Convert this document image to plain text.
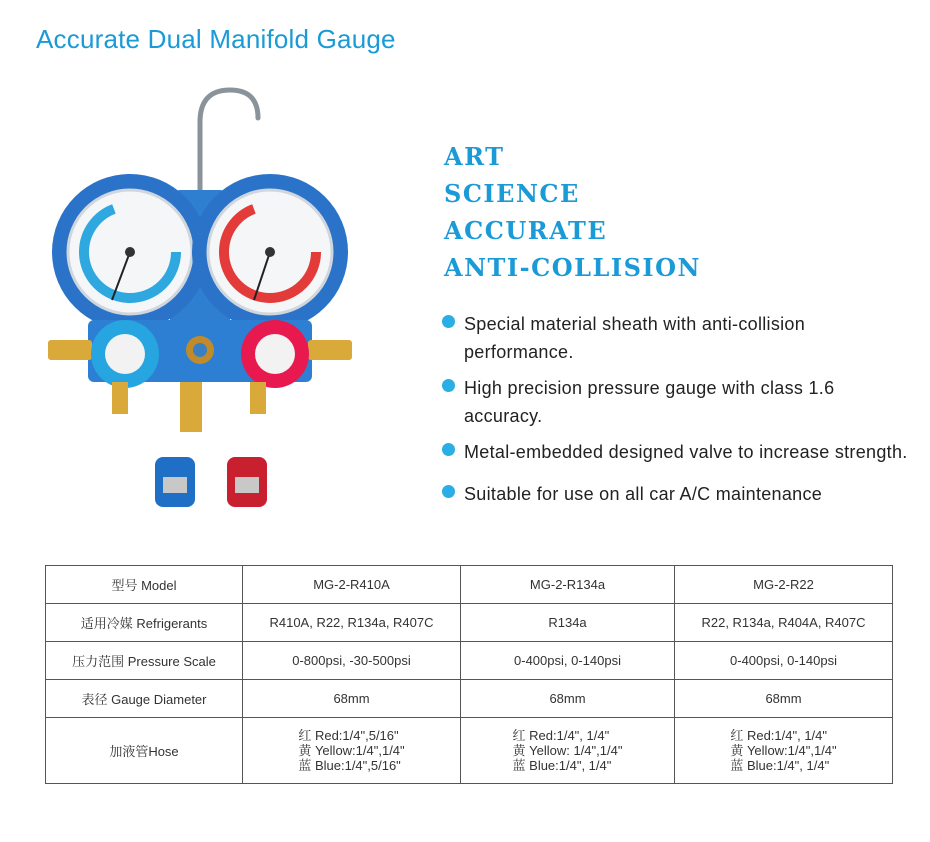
Accurate Dual Manifold Gauge
ART
SCIENCE
ACCURATE
ANTI-COLLISION
Special material sheath with anti-collision performance.
High precision pressure gauge with class 1.6 accuracy.
Metal-embedded designed valve to increase strength.
Suitable for use on all car A/C maintenance
型号 Model	MG-2-R410A	MG-2-R134a	MG-2-R22
适用冷媒 Refrigerants	R410A, R22, R134a, R407C	R134a	R22, R134a, R404A, R407C
压力范围 Pressure Scale	0-800psi, -30-500psi	0-400psi, 0-140psi	0-400psi, 0-140psi
表径 Gauge Diameter	68mm	68mm	68mm
加液管Hose	红 Red:1/4",5/16"
黄 Yellow:1/4",1/4"
蓝 Blue:1/4",5/16"	红 Red:1/4", 1/4"
黄 Yellow: 1/4",1/4"
蓝 Blue:1/4", 1/4"	红 Red:1/4", 1/4"
黄 Yellow:1/4",1/4"
蓝 Blue:1/4", 1/4"
